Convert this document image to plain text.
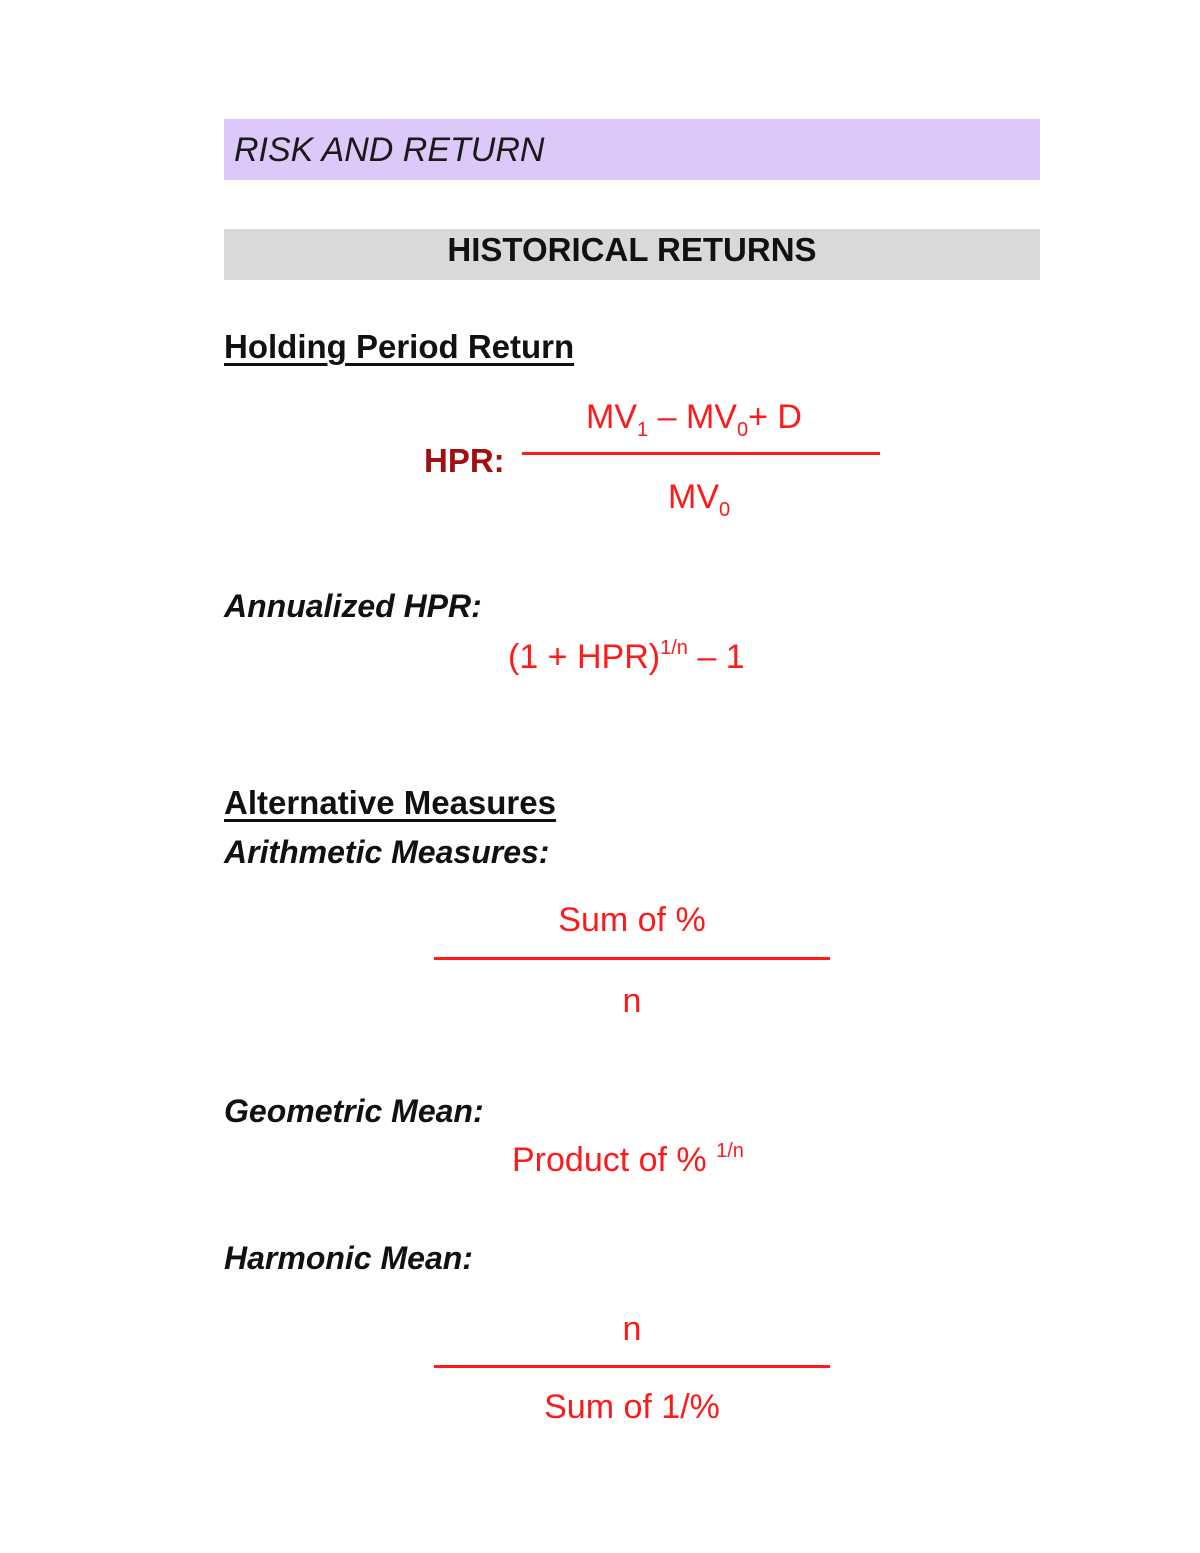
RISK AND RETURN
HISTORICAL RETURNS
Holding Period Return
HPR:
$MV_1 - MV_0+ D$
$MV_0$
Annualized HPR:
(1 + HPR)$^{1/n}$ – 1
Alternative Measures
Arithmetic Measures:
Sum of %
n
Geometric Mean:
Product of % $^{1/n}$
Harmonic Mean:
n
Sum of 1/%
